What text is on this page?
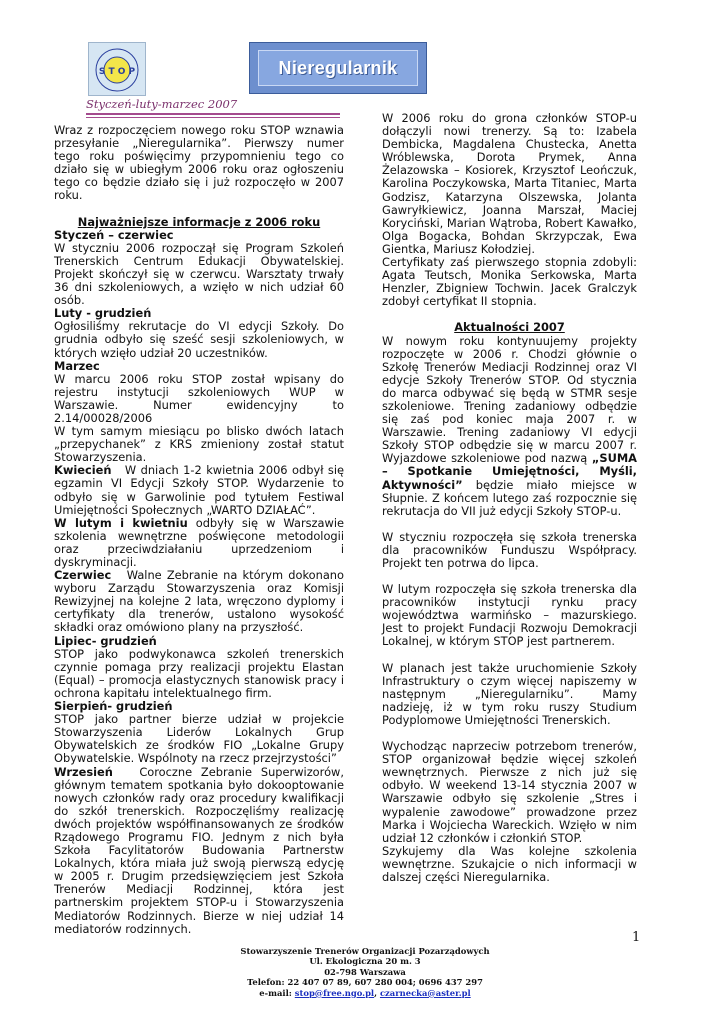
S T O P
Styczeń-luty-marzec 2007
Nieregularnik

Wraz z rozpoczęciem nowego roku STOP wznawia przesyłanie „Nieregularnika”. Pierwszy numer tego roku poświęcimy przypomnieniu tego co działo się w ubiegłym 2006 roku oraz ogłoszeniu tego co będzie działo się i już rozpoczęło w 2007 roku.

Najważniejsze informacje z 2006 roku

Styczeń – czerwiec

W styczniu 2006 rozpoczął się Program Szkoleń Trenerskich Centrum Edukacji Obywatelskiej. Projekt skończył się w czerwcu. Warsztaty trwały 36 dni szkoleniowych, a wzięło w nich udział 60 osób.

Luty - grudzień

Ogłosiliśmy rekrutacje do VI edycji Szkoły. Do grudnia odbyło się sześć sesji szkoleniowych, w których wzięło udział 20 uczestników.

Marzec

W marcu 2006 roku STOP został wpisany do rejestru instytucji szkoleniowych WUP w Warszawie. Numer ewidencyjny to 2.14/00028/2006

W tym samym miesiącu po blisko dwóch latach „przepychanek” z KRS zmieniony został statut Stowarzyszenia.

Kwiecień W dniach 1-2 kwietnia 2006 odbył się egzamin VI Edycji Szkoły STOP. Wydarzenie to odbyło się w Garwolinie pod tytułem Festiwal Umiejętności Społecznych „WARTO DZIAŁAĆ”.

W lutym i kwietniu odbyły się w Warszawie szkolenia wewnętrzne poświęcone metodologii oraz przeciwdziałaniu uprzedzeniom i dyskryminacji.

Czerwiec Walne Zebranie na którym dokonano wyboru Zarządu Stowarzyszenia oraz Komisji Rewizyjnej na kolejne 2 lata, wręczono dyplomy i certyfikaty dla trenerów, ustalono wysokość składki oraz omówiono plany na przyszłość.

Lipiec- grudzień

STOP jako podwykonawca szkoleń trenerskich czynnie pomaga przy realizacji projektu Elastan (Equal) – promocja elastycznych stanowisk pracy i ochrona kapitału intelektualnego firm.

Sierpień- grudzień

STOP jako partner bierze udział w projekcie Stowarzyszenia Liderów Lokalnych Grup Obywatelskich ze środków FIO „Lokalne Grupy Obywatelskie. Wspólnoty na rzecz przejrzystości”

Wrzesień Coroczne Zebranie Superwizorów, głównym tematem spotkania było dokooptowanie nowych członków rady oraz procedury kwalifikacji do szkół trenerskich. Rozpoczęliśmy realizację dwóch projektów współfinansowanych ze środków Rządowego Programu FIO. Jednym z nich była Szkoła Facylitatorów Budowania Partnerstw Lokalnych, która miała już swoją pierwszą edycję w 2005 r. Drugim przedsięwzięciem jest Szkoła Trenerów Mediacji Rodzinnej, która jest partnerskim projektem STOP-u i Stowarzyszenia Mediatorów Rodzinnych. Bierze w niej udział 14 mediatorów rodzinnych.

W 2006 roku do grona członków STOP-u dołączyli nowi trenerzy. Są to: Izabela Dembicka, Magdalena Chustecka, Anetta Wróblewska, Dorota Prymek, Anna Żelazowska – Kosiorek, Krzysztof Leończuk, Karolina Poczykowska, Marta Titaniec, Marta Godzisz, Katarzyna Olszewska, Jolanta Gawryłkiewicz, Joanna Marszał, Maciej Koryciński, Marian Wątroba, Robert Kawałko, Olga Bogacka, Bohdan Skrzypczak, Ewa Gientka, Mariusz Kołodziej.

Certyfikaty zaś pierwszego stopnia zdobyli: Agata Teutsch, Monika Serkowska, Marta Henzler, Zbigniew Tochwin. Jacek Gralczyk zdobył certyfikat II stopnia.

Aktualności 2007

W nowym roku kontynuujemy projekty rozpoczęte w 2006 r. Chodzi głównie o Szkołę Trenerów Mediacji Rodzinnej oraz VI edycje Szkoły Trenerów STOP. Od stycznia do marca odbywać się będą w STMR sesje szkoleniowe. Trening zadaniowy odbędzie się zaś pod koniec maja 2007 r. w Warszawie. Trening zadaniowy VI edycji Szkoły STOP odbędzie się w marcu 2007 r. Wyjazdowe szkoleniowe pod nazwą „SUMA – Spotkanie Umiejętności, Myśli, Aktywności” będzie miało miejsce w Słupnie. Z końcem lutego zaś rozpocznie się rekrutacja do VII już edycji Szkoły STOP-u.

W styczniu rozpoczęła się szkoła trenerska dla pracowników Funduszu Współpracy. Projekt ten potrwa do lipca.

W lutym rozpoczęła się szkoła trenerska dla pracowników instytucji rynku pracy województwa warmińsko – mazurskiego. Jest to projekt Fundacji Rozwoju Demokracji Lokalnej, w którym STOP jest partnerem.

W planach jest także uruchomienie Szkoły Infrastruktury o czym więcej napiszemy w następnym „Nieregularniku”. Mamy nadzieję, iż w tym roku ruszy Studium Podyplomowe Umiejętności Trenerskich.

Wychodząc naprzeciw potrzebom trenerów, STOP organizował będzie więcej szkoleń wewnętrznych. Pierwsze z nich już się odbyło. W weekend 13-14 stycznia 2007 w Warszawie odbyło się szkolenie „Stres i wypalenie zawodowe” prowadzone przez Marka i Wojciecha Wareckich. Wzięło w nim udział 12 członków i członkiń STOP.

Szykujemy dla Was kolejne szkolenia wewnętrzne. Szukajcie o nich informacji w dalszej części Nieregularnika.

1
Stowarzyszenie Trenerów Organizacji Pozarządowych
Ul. Ekologiczna 20 m. 3
02-798 Warszawa
Telefon: 22 407 07 89, 607 280 004; 0696 437 297
e-mail: stop@free.ngo.pl, czarnecka@aster.pl
